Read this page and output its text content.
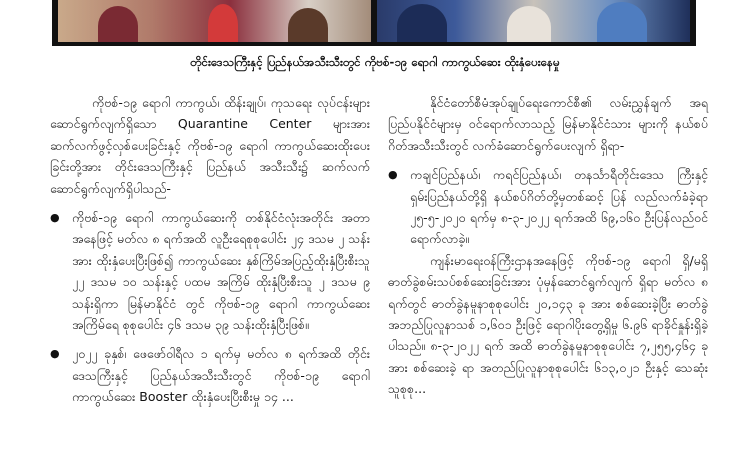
တိုင်းဒေသကြီးနှင့် ပြည်နယ်အသီးသီးတွင် ကိုဗစ်-၁၉ ရောဂါ ကာကွယ်ဆေး ထိုးနှံပေးနေမှု

ကိုဗစ်-၁၉ ရောဂါ ကာကွယ်၊ ထိန်းချုပ်၊ ကုသရေး လုပ်ငန်းများဆောင်ရွက်လျက်ရှိသော Quarantine Center များအား ဆက်လက်ဖွင့်လှစ်ပေးခြင်းနှင့် ကိုဗစ်-၁၉ ရောဂါ ကာကွယ်ဆေးထိုးပေးခြင်းတို့အား တိုင်းဒေသကြီးနှင့် ပြည်နယ် အသီးသီး၌ ဆက်လက်ဆောင်ရွက်လျက်ရှိပါသည်-

● ကိုဗစ်-၁၉ ရောဂါ ကာကွယ်ဆေးကို တစ်နိုင်ငံလုံးအတိုင်း အတာအနေဖြင့် မတ်လ ၈ ရက်အထိ လူဦးရေစုစုပေါင်း ၂၄ ဒသမ ၂ သန်းအား ထိုးနှံပေးပြီးဖြစ်၍ ကာကွယ်ဆေး နှစ်ကြိမ်အပြည့်ထိုးနှံပြီးစီးသူ ၂၂ ဒသမ ၁၀ သန်းနှင့် ပထမ အကြိမ် ထိုးနှံပြီးစီးသူ ၂ ဒသမ ၉ သန်းရှိကာ မြန်မာနိုင်ငံ တွင် ကိုဗစ်-၁၉ ရောဂါ ကာကွယ်ဆေးအကြိမ်ရေ စုစုပေါင်း ၄၆ ဒသမ ၃၉ သန်းထိုးနှံပြီးဖြစ်။
● ၂၀၂၂ ခုနှစ်၊ ဖေဖော်ဝါရီလ ၁ ရက်မှ မတ်လ ၈ ရက်အထိ တိုင်းဒေသကြီးနှင့် ပြည်နယ်အသီးသီးတွင် ကိုဗစ်-၁၉ ရောဂါ ကာကွယ်ဆေး Booster ထိုးနှံပေးပြီးစီးမှု ၁၄ ...

နိုင်ငံတော်စီမံအုပ်ချုပ်ရေးကောင်စီ၏ လမ်းညွှန်ချက် အရ ပြည်ပနိုင်ငံများမှ ဝင်ရောက်လာသည့် မြန်မာနိုင်ငံသား များကို နယ်စပ်ဂိတ်အသီးသီးတွင် လက်ခံဆောင်ရွက်ပေးလျက် ရှိရာ-

● ကချင်ပြည်နယ်၊ ကရင်ပြည်နယ်၊ တနင်္သာရီတိုင်းဒေသ ကြီးနှင့် ရှမ်းပြည်နယ်တို့ရှိ နယ်စပ်ဂိတ်တို့မှတစ်ဆင့် ပြန် လည်လက်ခံခဲ့ရာ ၂၅-၅-၂၀၂၀ ရက်မှ ၈-၃-၂၀၂၂ ရက်အထိ ၆၉,၁၆၀ ဦးပြန်လည်ဝင်ရောက်လာခဲ့။

ကျန်းမာရေးဝန်ကြီးဌာနအနေဖြင့် ကိုဗစ်-၁၉ ရောဂါ ရှိ/မရှိ ဓာတ်ခွဲစမ်းသပ်စစ်ဆေးခြင်းအား ပုံမှန်ဆောင်ရွက်လျက် ရှိရာ မတ်လ ၈ ရက်တွင် ဓာတ်ခွဲနမူနာစုစုပေါင်း ၂၀,၁၄၃ ခု အား စစ်ဆေးခဲ့ပြီး ဓာတ်ခွဲအဘည်ပြုလူနာသစ် ၁,၆၀၁ ဦးဖြင့် ရောဂါပိုးတွေ့ရှိမှု ၆.၉၆ ရာခိုင်နှုန်းရှိခဲ့ပါသည်။ ၈-၃-၂၀၂၂ ရက် အထိ ဓာတ်ခွဲနမူနာစုစုပေါင်း ၇,၂၅၅,၄၆၄ ခုအား စစ်ဆေးခဲ့ ရာ အတည်ပြုလူနာစုစုပေါင်း ၆၁၃,၀၂၁ ဦးနှင့် သေဆုံးသူစုစု...
